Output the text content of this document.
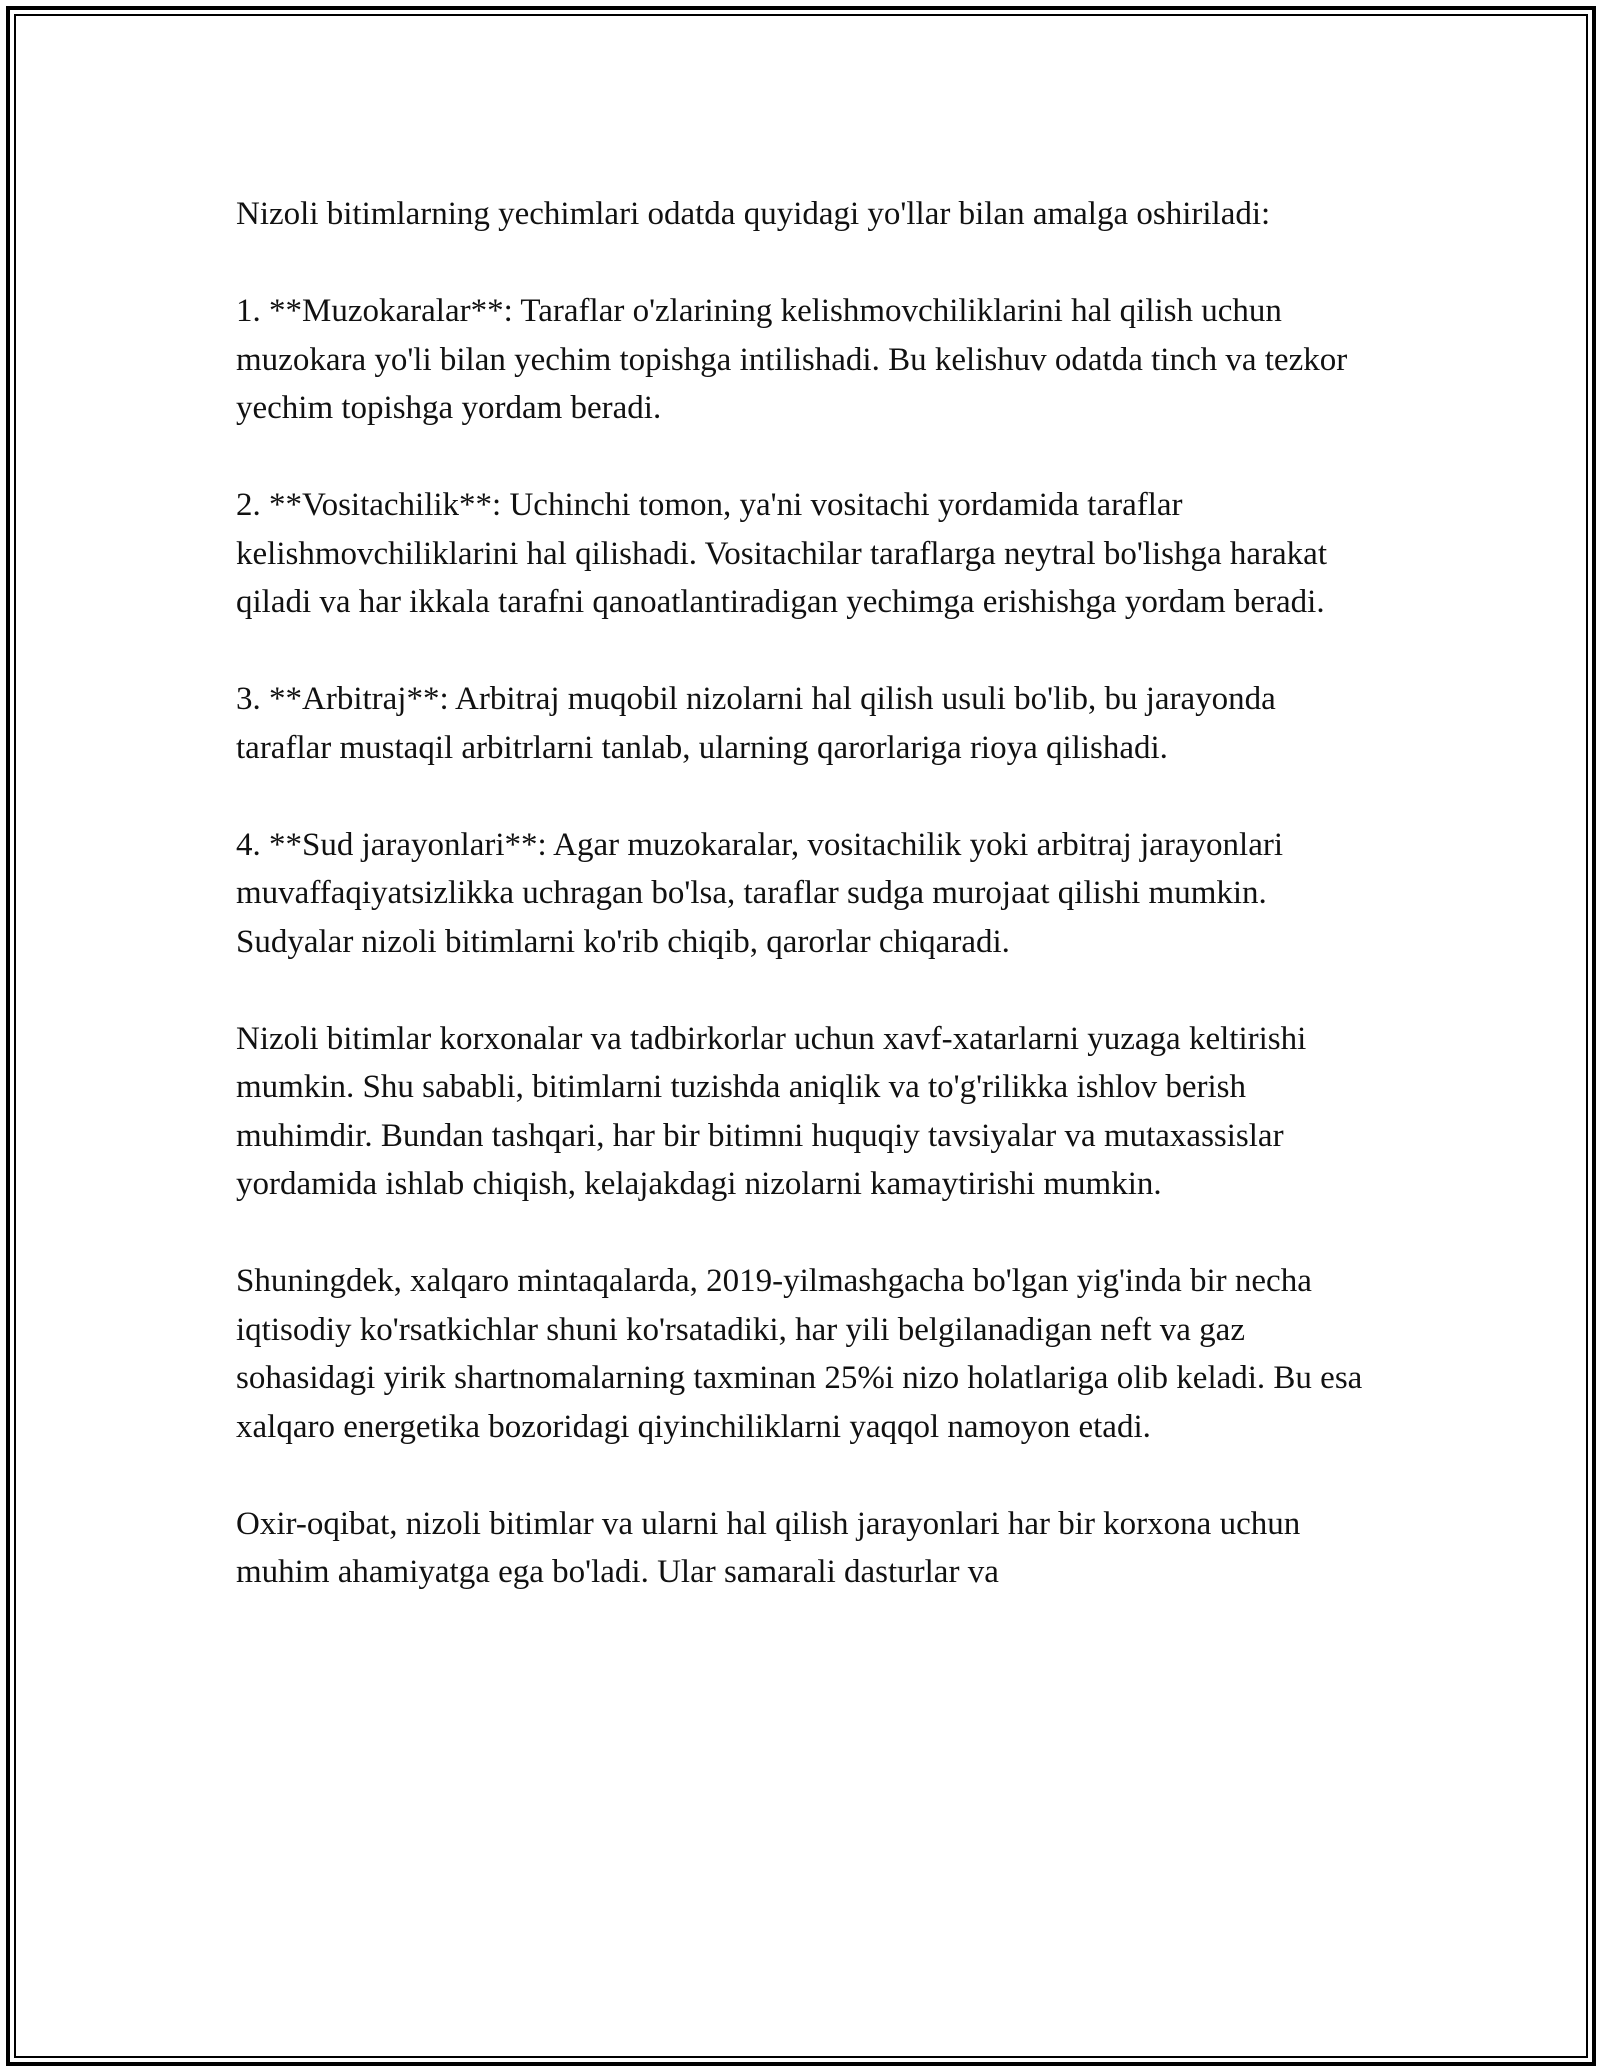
Nizoli bitimlarning yechimlari odatda quyidagi yo'llar bilan amalga oshiriladi:

1. **Muzokaralar**: Taraflar o'zlarining kelishmovchiliklarini hal qilish uchun muzokara yo'li bilan yechim topishga intilishadi. Bu kelishuv odatda tinch va tezkor yechim topishga yordam beradi.

2. **Vositachilik**: Uchinchi tomon, ya'ni vositachi yordamida taraflar kelishmovchiliklarini hal qilishadi. Vositachilar taraflarga neytral bo'lishga harakat qiladi va har ikkala tarafni qanoatlantiradigan yechimga erishishga yordam beradi.

3. **Arbitraj**: Arbitraj muqobil nizolarni hal qilish usuli bo'lib, bu jarayonda taraflar mustaqil arbitrlarni tanlab, ularning qarorlariga rioya qilishadi.

4. **Sud jarayonlari**: Agar muzokaralar, vositachilik yoki arbitraj jarayonlari muvaffaqiyatsizlikka uchragan bo'lsa, taraflar sudga murojaat qilishi mumkin. Sudyalar nizoli bitimlarni ko'rib chiqib, qarorlar chiqaradi.

Nizoli bitimlar korxonalar va tadbirkorlar uchun xavf-xatarlarni yuzaga keltirishi mumkin. Shu sababli, bitimlarni tuzishda aniqlik va to'g'rilikka ishlov berish muhimdir. Bundan tashqari, har bir bitimni huquqiy tavsiyalar va mutaxassislar yordamida ishlab chiqish, kelajakdagi nizolarni kamaytirishi mumkin.

Shuningdek, xalqaro mintaqalarda, 2019-yilmashgacha bo'lgan yig'inda bir necha iqtisodiy ko'rsatkichlar shuni ko'rsatadiki, har yili belgilanadigan neft va gaz sohasidagi yirik shartnomalarning taxminan 25%i nizo holatlariga olib keladi. Bu esa xalqaro energetika bozoridagi qiyinchiliklarni yaqqol namoyon etadi.

Oxir-oqibat, nizoli bitimlar va ularni hal qilish jarayonlari har bir korxona uchun muhim ahamiyatga ega bo'ladi. Ular samarali dasturlar va
